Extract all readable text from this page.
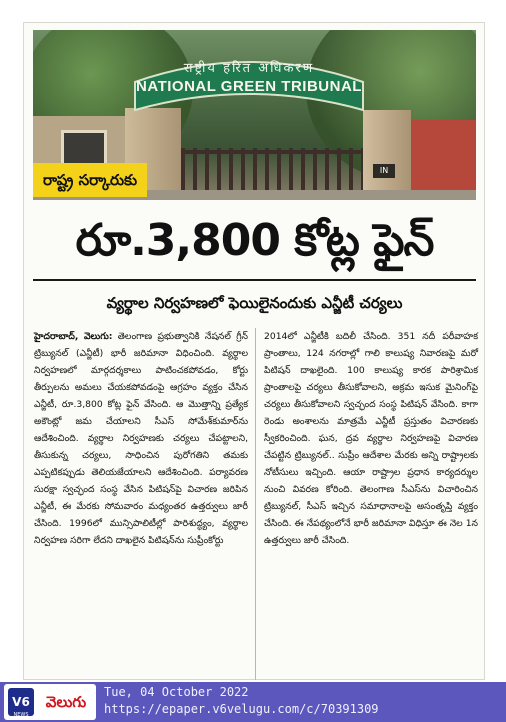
IN
राष्ट्रीय हरित अधिकरण
NATIONAL GREEN TRIBUNAL
రాష్ట్ర సర్కారుకు
రూ.3,800 కోట్ల ఫైన్
వ్యర్థాల నిర్వహణలో ఫెయిలైనందుకు ఎన్జీటీ చర్యలు

హైదరాబాద్, వెలుగు: తెలంగాణ ప్రభుత్వానికి నేషనల్ గ్రీన్ ట్రిబ్యునల్ (ఎన్జీటీ) భారీ జరిమానా విధించింది. వ్యర్థాల నిర్వహణలో మార్గదర్శకాలు పాటించకపోవడం, కోర్టు తీర్పులను అమలు చేయకపోవడంపై ఆగ్రహం వ్యక్తం చేసిన ఎన్జీటీ, రూ.3,800 కోట్ల ఫైన్ వేసింది. ఆ మొత్తాన్ని ప్రత్యేక అకౌంట్లో జమ చేయాలని సీఎస్ సోమేశ్‌కుమార్‌ను ఆదేశించింది. వ్యర్థాల నిర్వహణకు చర్యలు చేపట్టాలని, తీసుకున్న చర్యలు, సాధించిన పురోగతిని తమకు ఎప్పటికప్పుడు తెలియజేయాలని ఆదేశించింది. పర్యావరణ సురక్షా స్వచ్ఛంద సంస్థ వేసిన పిటిషన్‌పై విచారణ జరిపిన ఎన్జీటీ, ఈ మేరకు సోమవారం మధ్యంతర ఉత్తర్వులు జారీ చేసింది. 1996లో మున్సిపాలిటీల్లో పారిశుద్ధ్యం, వ్యర్థాల నిర్వహణ సరిగా లేదని దాఖలైన పిటిషన్‌ను సుప్రీంకోర్టు

2014లో ఎన్జీటీకి బదిలీ చేసింది. 351 నదీ పరీవాహక ప్రాంతాలు, 124 నగరాల్లో గాలి కాలుష్య నివారణపై మరో పిటిషన్ దాఖలైంది. 100 కాలుష్య కారక పారిశ్రామిక ప్రాంతాలపై చర్యలు తీసుకోవాలని, అక్రమ ఇసుక మైనింగ్‌పై చర్యలు తీసుకోవాలని స్వచ్ఛంద సంస్థ పిటిషన్ వేసింది. కాగా రెండు అంశాలను మాత్రమే ఎన్జీటీ ప్రస్తుతం విచారణకు స్వీకరించింది. ఘన, ద్రవ వ్యర్థాల నిర్వహణపై విచారణ చేపట్టిన ట్రిబ్యునల్.. సుప్రీం ఆదేశాల మేరకు అన్ని రాష్ట్రాలకు నోటీసులు ఇచ్చింది. ఆయా రాష్ట్రాల ప్రధాన కార్యదర్శుల నుంచి వివరణ కోరింది. తెలంగాణ సీఎస్‌ను విచారించిన ట్రిబ్యునల్, సీఎస్ ఇచ్చిన సమాధానాలపై అసంతృప్తి వ్యక్తం చేసింది. ఈ నేపథ్యంలోనే భారీ జరిమానా విధిస్తూ ఈ నెల 1న ఉత్తర్వులు జారీ చేసింది.

V6
NEWS
వెలుగు
Tue, 04 October 2022
https://epaper.v6velugu.com/c/70391309
